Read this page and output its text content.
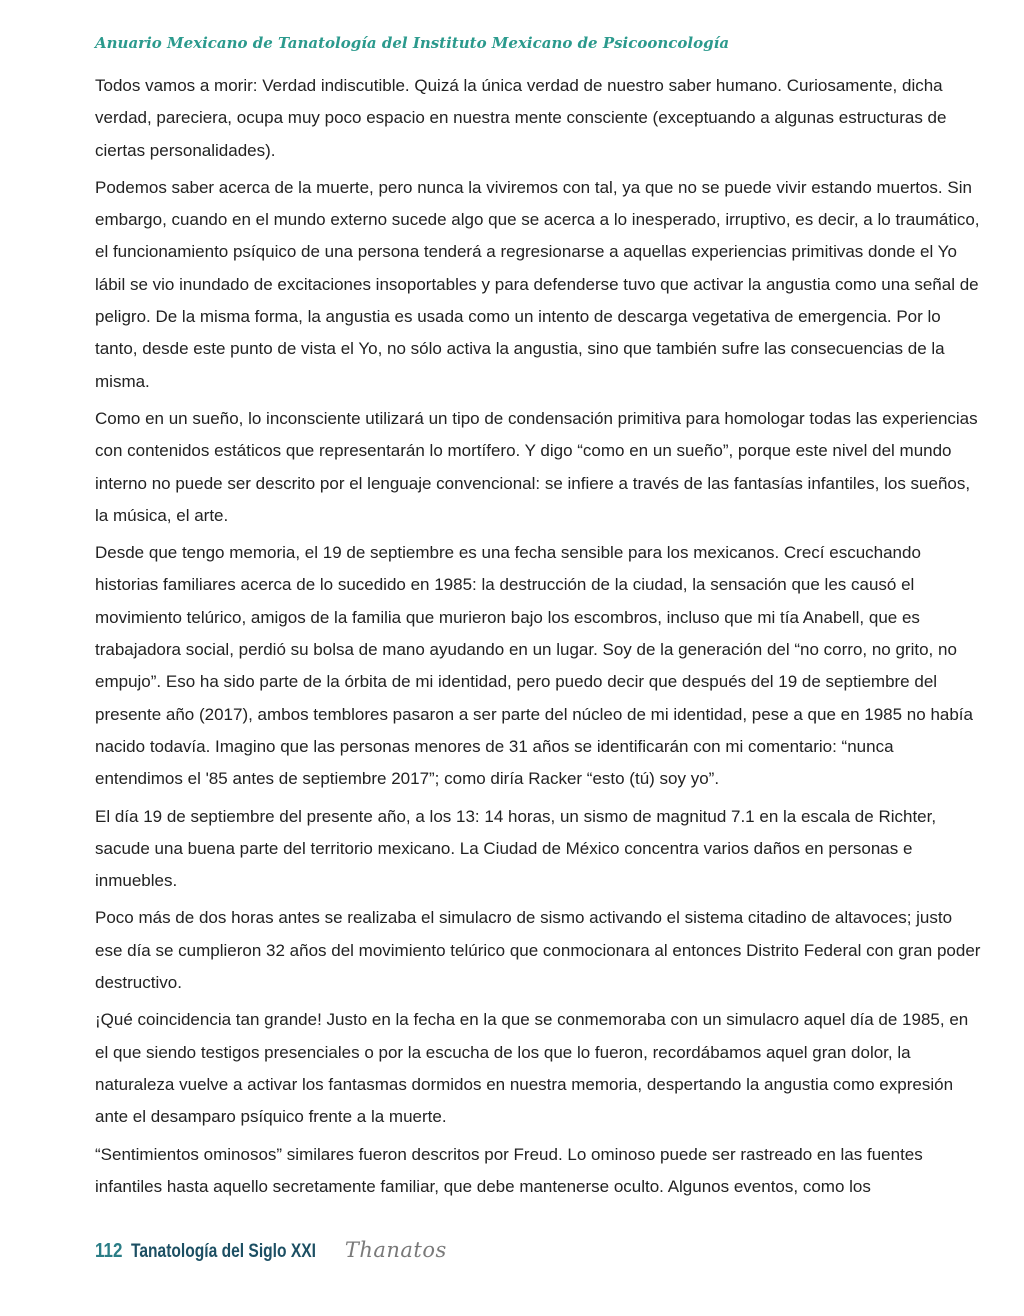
Anuario Mexicano de Tanatología del Instituto Mexicano de Psicooncología

Todos vamos a morir: Verdad indiscutible. Quizá la única verdad de nuestro saber humano. Curiosamente, dicha verdad, pareciera, ocupa muy poco espacio en nuestra mente consciente (exceptuando a algunas estructuras de ciertas personalidades).

Podemos saber acerca de la muerte, pero nunca la viviremos con tal, ya que no se puede vivir estando muertos. Sin embargo, cuando en el mundo externo sucede algo que se acerca a lo inesperado, irruptivo, es decir, a lo traumático, el funcionamiento psíquico de una persona tenderá a regresionarse a aquellas experiencias primitivas donde el Yo lábil se vio inundado de excitaciones insoportables y para defenderse tuvo que activar la angustia como una señal de peligro. De la misma forma, la angustia es usada como un intento de descarga vegetativa de emergencia. Por lo tanto, desde este punto de vista el Yo, no sólo activa la angustia, sino que también sufre las consecuencias de la misma.

Como en un sueño, lo inconsciente utilizará un tipo de condensación primitiva para homologar todas las experiencias con contenidos estáticos que representarán lo mortífero. Y digo “como en un sueño”, porque este nivel del mundo interno no puede ser descrito por el lenguaje convencional: se infiere a través de las fantasías infantiles, los sueños, la música, el arte.

Desde que tengo memoria, el 19 de septiembre es una fecha sensible para los mexicanos. Crecí escuchando historias familiares acerca de lo sucedido en 1985: la destrucción de la ciudad, la sensación que les causó el movimiento telúrico, amigos de la familia que murieron bajo los escombros, incluso que mi tía Anabell, que es trabajadora social, perdió su bolsa de mano ayudando en un lugar. Soy de la generación del “no corro, no grito, no empujo”. Eso ha sido parte de la órbita de mi identidad, pero puedo decir que después del 19 de septiembre del presente año (2017), ambos temblores pasaron a ser parte del núcleo de mi identidad, pese a que en 1985 no había nacido todavía. Imagino que las personas menores de 31 años se identificarán con mi comentario: “nunca entendimos el '85 antes de septiembre 2017”; como diría Racker “esto (tú) soy yo”.

El día 19 de septiembre del presente año, a los 13: 14 horas, un sismo de magnitud 7.1 en la escala de Richter, sacude una buena parte del territorio mexicano. La Ciudad de México concentra varios daños en personas e inmuebles.

Poco más de dos horas antes se realizaba el simulacro de sismo activando el sistema citadino de altavoces; justo ese día se cumplieron 32 años del movimiento telúrico que conmocionara al entonces Distrito Federal con gran poder destructivo.

¡Qué coincidencia tan grande! Justo en la fecha en la que se conmemoraba con un simulacro aquel día de 1985, en el que siendo testigos presenciales o por la escucha de los que lo fueron, recordábamos aquel gran dolor, la naturaleza vuelve a activar los fantasmas dormidos en nuestra memoria, despertando la angustia como expresión ante el desamparo psíquico frente a la muerte.

“Sentimientos ominosos” similares fueron descritos por Freud. Lo ominoso puede ser rastreado en las fuentes infantiles hasta aquello secretamente familiar, que debe mantenerse oculto. Algunos eventos, como los

112 Tanatología del Siglo XXI Thanatos
